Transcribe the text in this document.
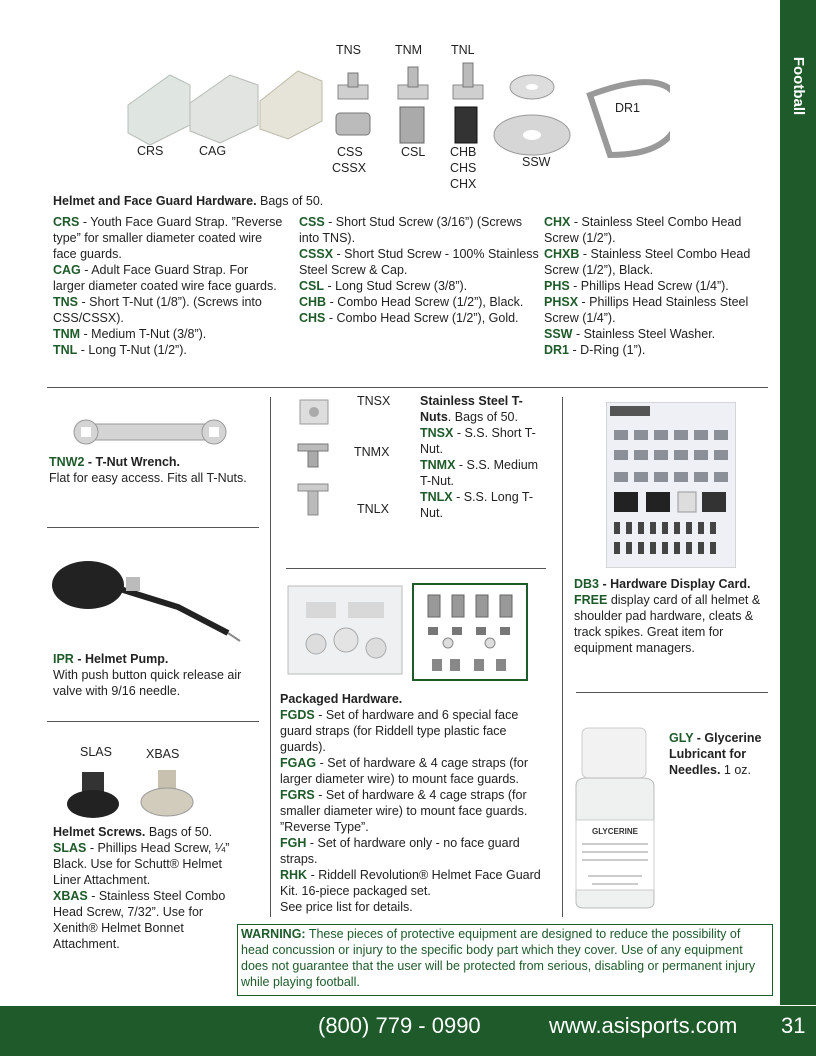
Football
TNS	TNM TNL
CRS	CAG	CSS
CSSX
CSL CHB
CHS
CHX
SSW
DR1
Helmet and Face Guard Hardware. Bags of 50.

CRS - Youth Face Guard Strap. ”Reverse type” for smaller diameter coated wire face guards.

CAG - Adult Face Guard Strap. For larger diameter coated wire face guards.

TNS - Short T-Nut (1/8”). (Screws into CSS/CSSX).

TNM - Medium T-Nut (3/8”).

TNL - Long T-Nut (1/2”).

CSS - Short Stud Screw (3/16”) (Screws into TNS).

CSSX - Short Stud Screw - 100% Stainless Steel Screw & Cap.

CSL - Long Stud Screw (3/8”).

CHB - Combo Head Screw (1/2”), Black.

CHS - Combo Head Screw (1/2”), Gold.

CHX - Stainless Steel Combo Head Screw (1/2”).

CHXB - Stainless Steel Combo Head Screw (1/2”), Black.

PHS - Phillips Head Screw (1/4”).

PHSX - Phillips Head Stainless Steel Screw (1/4”).

SSW - Stainless Steel Washer.

DR1 - D-Ring (1”).

TNW2 - T-Nut Wrench.
Flat for easy access. Fits all T-Nuts.
TNSX
TNMX
TNLX
Stainless Steel T-Nuts. Bags of 50.
TNSX - S.S. Short T-Nut.
TNMX - S.S. Medium T-Nut.
TNLX - S.S. Long T-Nut.
DB3 - Hardware Display Card.
FREE display card of all helmet & shoulder pad hardware, cleats & track spikes. Great item for equipment managers.
IPR - Helmet Pump.
With push button quick release air valve with 9/16 needle.

Packaged Hardware.

FGDS - Set of hardware and 6 special face guard straps (for Riddell type plastic face guards).

FGAG - Set of hardware & 4 cage straps (for larger diameter wire) to mount face guards.

FGRS - Set of hardware & 4 cage straps (for smaller diameter wire) to mount face guards. ”Reverse Type”.

FGH - Set of hardware only - no face guard straps.

RHK - Riddell Revolution® Helmet Face Guard Kit. 16-piece packaged set.

See price list for details.

GLYCERINE
GLY - Glycerine Lubricant for Needles. 1 oz.
SLAS	XBAS

Helmet Screws. Bags of 50.

SLAS - Phillips Head Screw, ¼” Black. Use for Schutt® Helmet Liner Attachment.

XBAS - Stainless Steel Combo Head Screw, 7/32”. Use for Xenith® Helmet Bonnet Attachment.

WARNING: These pieces of protective equipment are designed to reduce the possibility of head concussion or injury to the specific body part which they cover. Use of any equipment does not guarantee that the user will be protected from serious, disabling or permanent injury while playing football.
(800) 779 - 0990	www.asisports.com 31
